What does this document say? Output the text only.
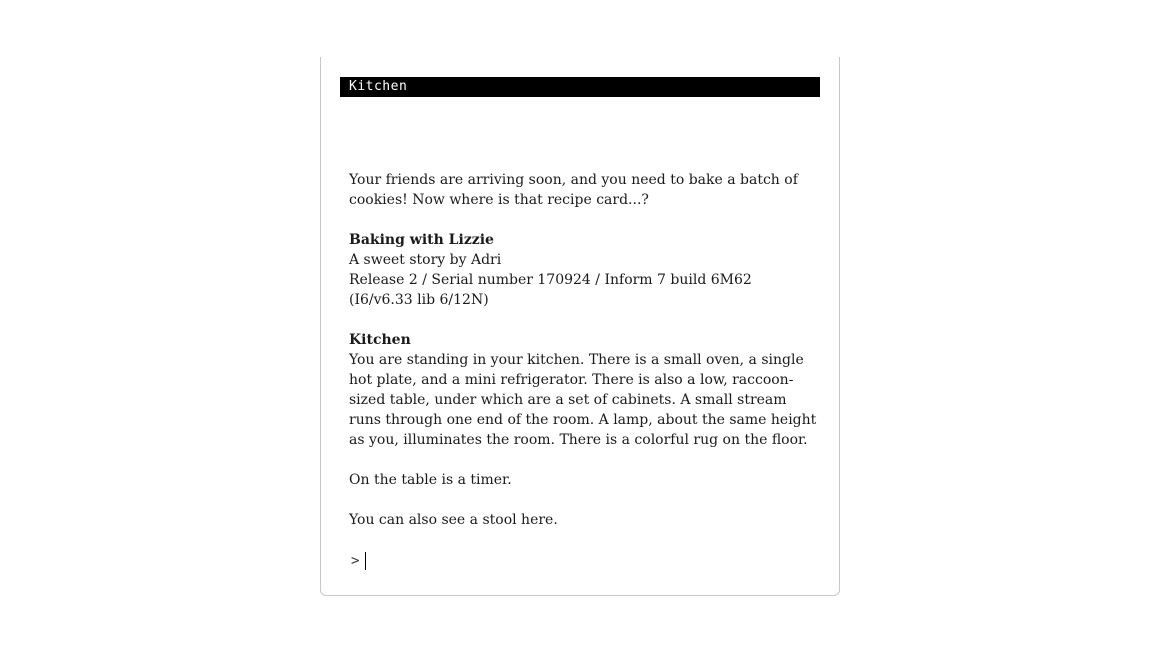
Kitchen

Your friends are arriving soon, and you need to bake a batch of cookies! Now where is that recipe card...?

Baking with Lizzie
A sweet story by Adri
Release 2 / Serial number 170924 / Inform 7 build 6M62 (I6/v6.33 lib 6/12N)

Kitchen
You are standing in your kitchen. There is a small oven, a single hot plate, and a mini refrigerator. There is also a low, raccoon-sized table, under which are a set of cabinets. A small stream runs through one end of the room. A lamp, about the same height as you, illuminates the room. There is a colorful rug on the floor.

On the table is a timer.

You can also see a stool here.

>
